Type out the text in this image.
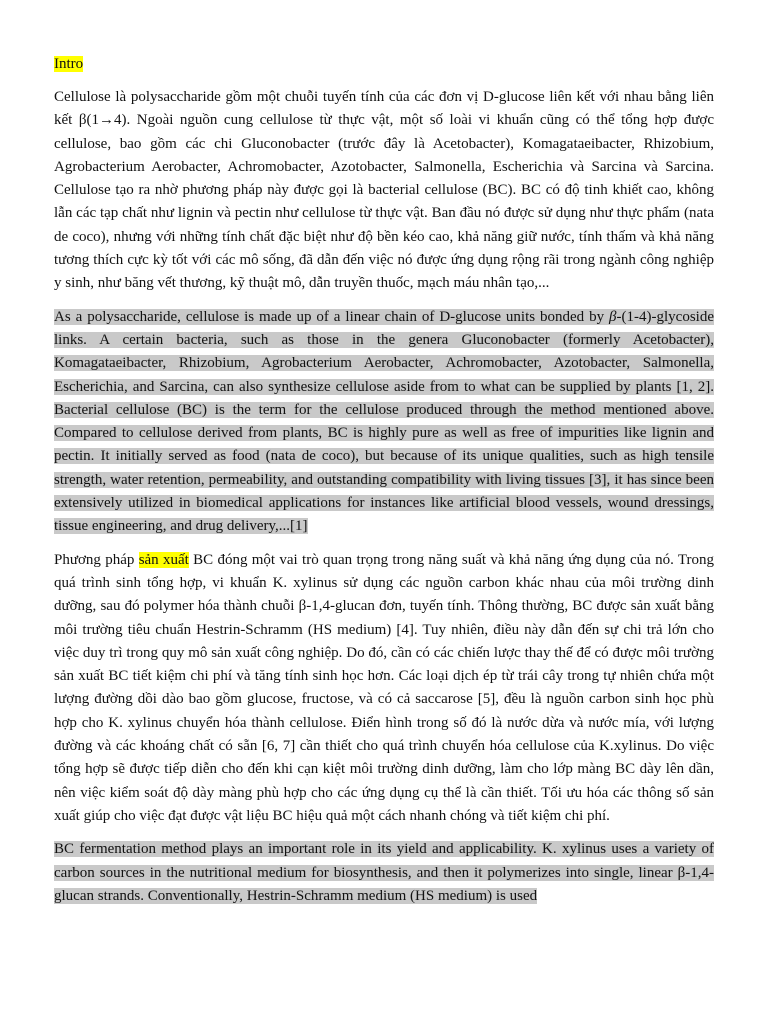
Intro

Cellulose là polysaccharide gồm một chuỗi tuyến tính của các đơn vị D-glucose liên kết với nhau bằng liên kết β(1→4). Ngoài nguồn cung cellulose từ thực vật, một số loài vi khuẩn cũng có thể tổng hợp được cellulose, bao gồm các chi Gluconobacter (trước đây là Acetobacter), Komagataeibacter, Rhizobium, Agrobacterium Aerobacter, Achromobacter, Azotobacter, Salmonella, Escherichia và Sarcina và Sarcina. Cellulose tạo ra nhờ phương pháp này được gọi là bacterial cellulose (BC). BC có độ tinh khiết cao, không lẫn các tạp chất như lignin và pectin như cellulose từ thực vật. Ban đầu nó được sử dụng như thực phẩm (nata de coco), nhưng với những tính chất đặc biệt như độ bền kéo cao, khả năng giữ nước, tính thấm và khả năng tương thích cực kỳ tốt với các mô sống, đã dẫn đến việc nó được ứng dụng rộng rãi trong ngành công nghiệp y sinh, như băng vết thương, kỹ thuật mô, dẫn truyền thuốc, mạch máu nhân tạo,...

As a polysaccharide, cellulose is made up of a linear chain of D-glucose units bonded by β-(1-4)-glycoside links. A certain bacteria, such as those in the genera Gluconobacter (formerly Acetobacter), Komagataeibacter, Rhizobium, Agrobacterium Aerobacter, Achromobacter, Azotobacter, Salmonella, Escherichia, and Sarcina, can also synthesize cellulose aside from to what can be supplied by plants [1, 2]. Bacterial cellulose (BC) is the term for the cellulose produced through the method mentioned above. Compared to cellulose derived from plants, BC is highly pure as well as free of impurities like lignin and pectin. It initially served as food (nata de coco), but because of its unique qualities, such as high tensile strength, water retention, permeability, and outstanding compatibility with living tissues [3], it has since been extensively utilized in biomedical applications for instances like artificial blood vessels, wound dressings, tissue engineering, and drug delivery,...[1]

Phương pháp sản xuất BC đóng một vai trò quan trọng trong năng suất và khả năng ứng dụng của nó. Trong quá trình sinh tổng hợp, vi khuẩn K. xylinus sử dụng các nguồn carbon khác nhau của môi trường dinh dưỡng, sau đó polymer hóa thành chuỗi β-1,4-glucan đơn, tuyến tính. Thông thường, BC được sản xuất bằng môi trường tiêu chuẩn Hestrin-Schramm (HS medium) [4]. Tuy nhiên, điều này dẫn đến sự chi trả lớn cho việc duy trì trong quy mô sản xuất công nghiệp. Do đó, cần có các chiến lược thay thế để có được môi trường sản xuất BC tiết kiệm chi phí và tăng tính sinh học hơn. Các loại dịch ép từ trái cây trong tự nhiên chứa một lượng đường dồi dào bao gồm glucose, fructose, và có cả saccarose [5], đều là nguồn carbon sinh học phù hợp cho K. xylinus chuyển hóa thành cellulose. Điển hình trong số đó là nước dừa và nước mía, với lượng đường và các khoáng chất có sẵn [6, 7] cần thiết cho quá trình chuyển hóa cellulose của K.xylinus. Do việc tổng hợp sẽ được tiếp diễn cho đến khi cạn kiệt môi trường dinh dưỡng, làm cho lớp màng BC dày lên dần, nên việc kiểm soát độ dày màng phù hợp cho các ứng dụng cụ thể là cần thiết. Tối ưu hóa các thông số sản xuất giúp cho việc đạt được vật liệu BC hiệu quả một cách nhanh chóng và tiết kiệm chi phí.

BC fermentation method plays an important role in its yield and applicability. K. xylinus uses a variety of carbon sources in the nutritional medium for biosynthesis, and then it polymerizes into single, linear β-1,4-glucan strands. Conventionally, Hestrin-Schramm medium (HS medium) is used
